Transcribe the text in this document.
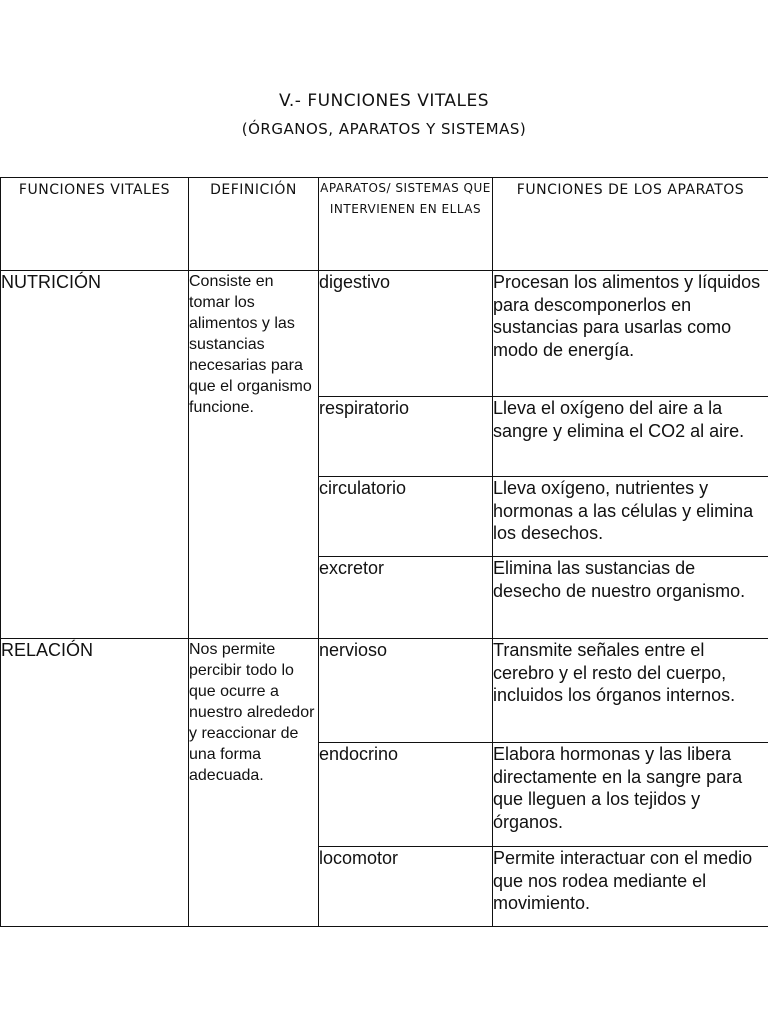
V.- FUNCIONES VITALES
(ÓRGANOS, APARATOS Y SISTEMAS)
FUNCIONES VITALES	DEFINICIÓN	APARATOS/ SISTEMAS QUE INTERVIENEN EN ELLAS	FUNCIONES DE LOS APARATOS
NUTRICIÓN	Consiste en tomar los alimentos y las sustancias necesarias para que el organismo funcione.	digestivo	Procesan los alimentos y líquidos para descomponerlos en sustancias para usarlas como modo de energía.
		respiratorio	Lleva el oxígeno del aire a la sangre y elimina el CO2 al aire.
		circulatorio	Lleva oxígeno, nutrientes y hormonas a las células y elimina los desechos.
		excretor	Elimina las sustancias de desecho de nuestro organismo.
RELACIÓN	Nos permite percibir todo lo que ocurre a nuestro alrededor y reaccionar de una forma adecuada.	nervioso	Transmite señales entre el cerebro y el resto del cuerpo, incluidos los órganos internos.
		endocrino	Elabora hormonas y las libera directamente en la sangre para que lleguen a los tejidos y órganos.
		locomotor	Permite interactuar con el medio que nos rodea mediante el movimiento.
